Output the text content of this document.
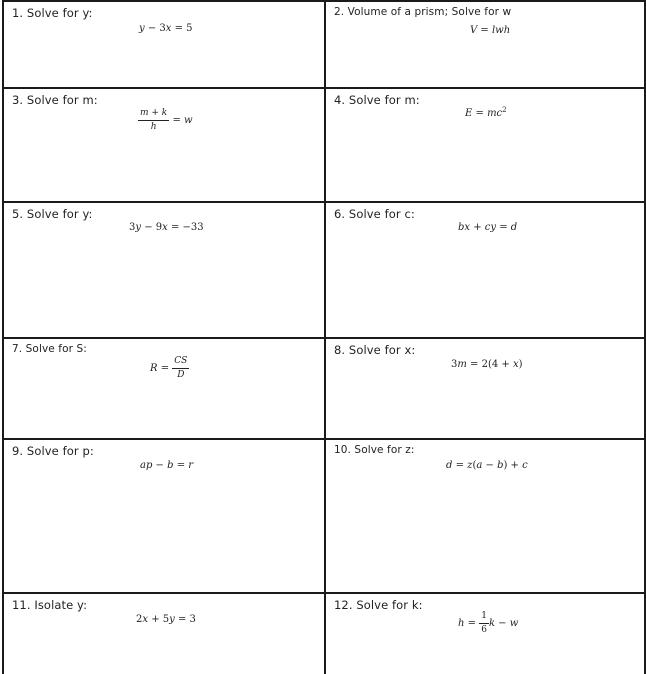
1. Solve for y:
y − 3x = 5
2. Volume of a prism; Solve for w
V = lwh
3. Solve for m:
$\frac{m + k}{h} = w$
4. Solve for m:
$E = mc^2$
5. Solve for y:
3y − 9x = −33
6. Solve for c:
bx + cy = d
7. Solve for S:
$R = \frac{CS}{D}$
8. Solve for x:
3m = 2(4 + x)
9. Solve for p:
ap − b = r
10. Solve for z:
d = z(a − b) + c
11. Isolate y:
2x + 5y = 3
12. Solve for k:
$h = \frac{1}{6}$ k − w
